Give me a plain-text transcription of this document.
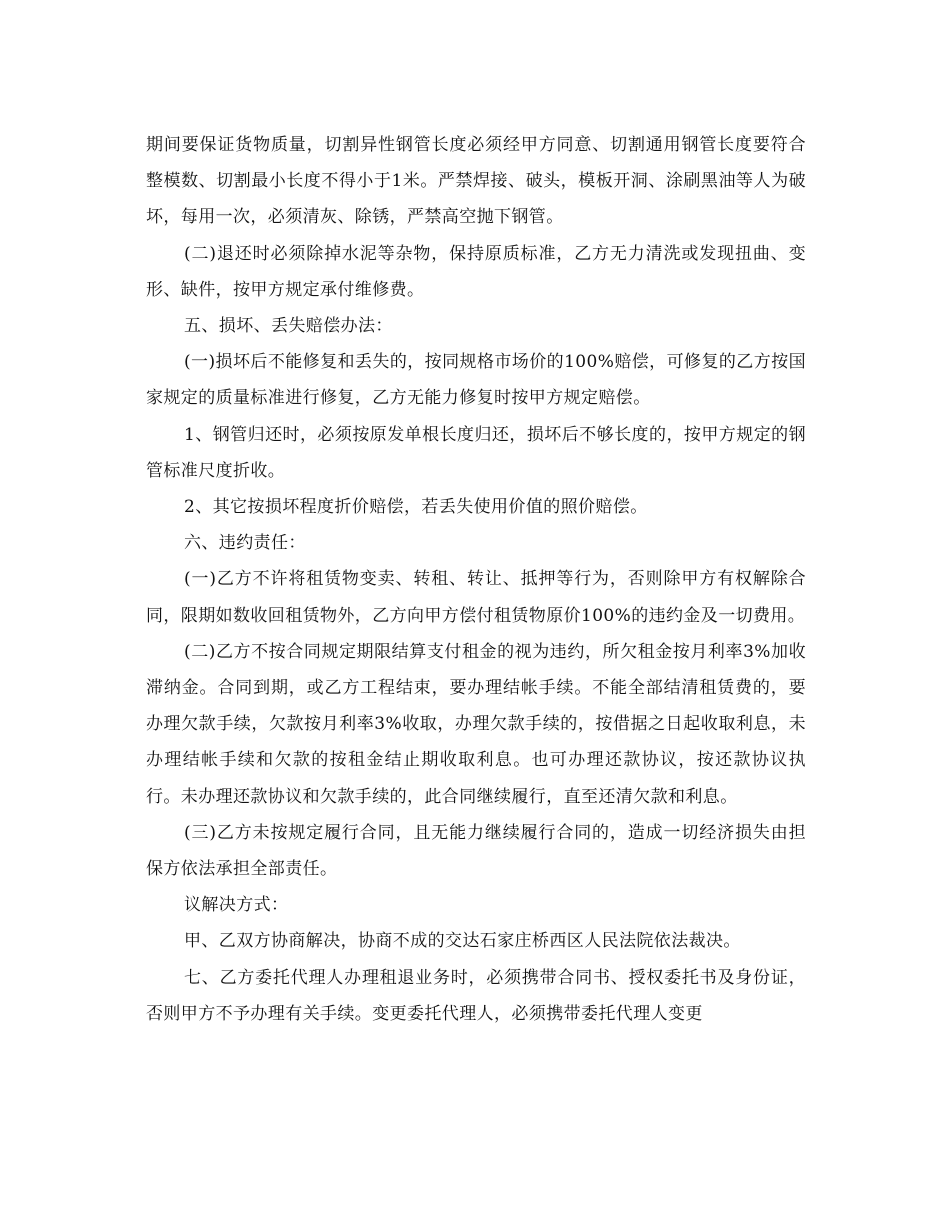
期间要保证货物质量，切割异性钢管长度必须经甲方同意、切割通用钢管长度要符合整模数、切割最小长度不得小于1米。严禁焊接、破头，模板开洞、涂刷黑油等人为破坏，每用一次，必须清灰、除锈，严禁高空抛下钢管。

(二)退还时必须除掉水泥等杂物，保持原质标准，乙方无力清洗或发现扭曲、变形、缺件，按甲方规定承付维修费。

五、损坏、丢失赔偿办法：

(一)损坏后不能修复和丢失的，按同规格市场价的100%赔偿，可修复的乙方按国家规定的质量标准进行修复，乙方无能力修复时按甲方规定赔偿。

1、钢管归还时，必须按原发单根长度归还，损坏后不够长度的，按甲方规定的钢管标准尺度折收。

2、其它按损坏程度折价赔偿，若丢失使用价值的照价赔偿。

六、违约责任：

(一)乙方不许将租赁物变卖、转租、转让、抵押等行为，否则除甲方有权解除合同，限期如数收回租赁物外，乙方向甲方偿付租赁物原价100%的违约金及一切费用。

(二)乙方不按合同规定期限结算支付租金的视为违约，所欠租金按月利率3%加收滞纳金。合同到期，或乙方工程结束，要办理结帐手续。不能全部结清租赁费的，要办理欠款手续，欠款按月利率3%收取，办理欠款手续的，按借据之日起收取利息，未办理结帐手续和欠款的按租金结止期收取利息。也可办理还款协议，按还款协议执行。未办理还款协议和欠款手续的，此合同继续履行，直至还清欠款和利息。

(三)乙方未按规定履行合同，且无能力继续履行合同的，造成一切经济损失由担保方依法承担全部责任。

议解决方式：

甲、乙双方协商解决，协商不成的交达石家庄桥西区人民法院依法裁决。

七、乙方委托代理人办理租退业务时，必须携带合同书、授权委托书及身份证，否则甲方不予办理有关手续。变更委托代理人，必须携带委托代理人变更
